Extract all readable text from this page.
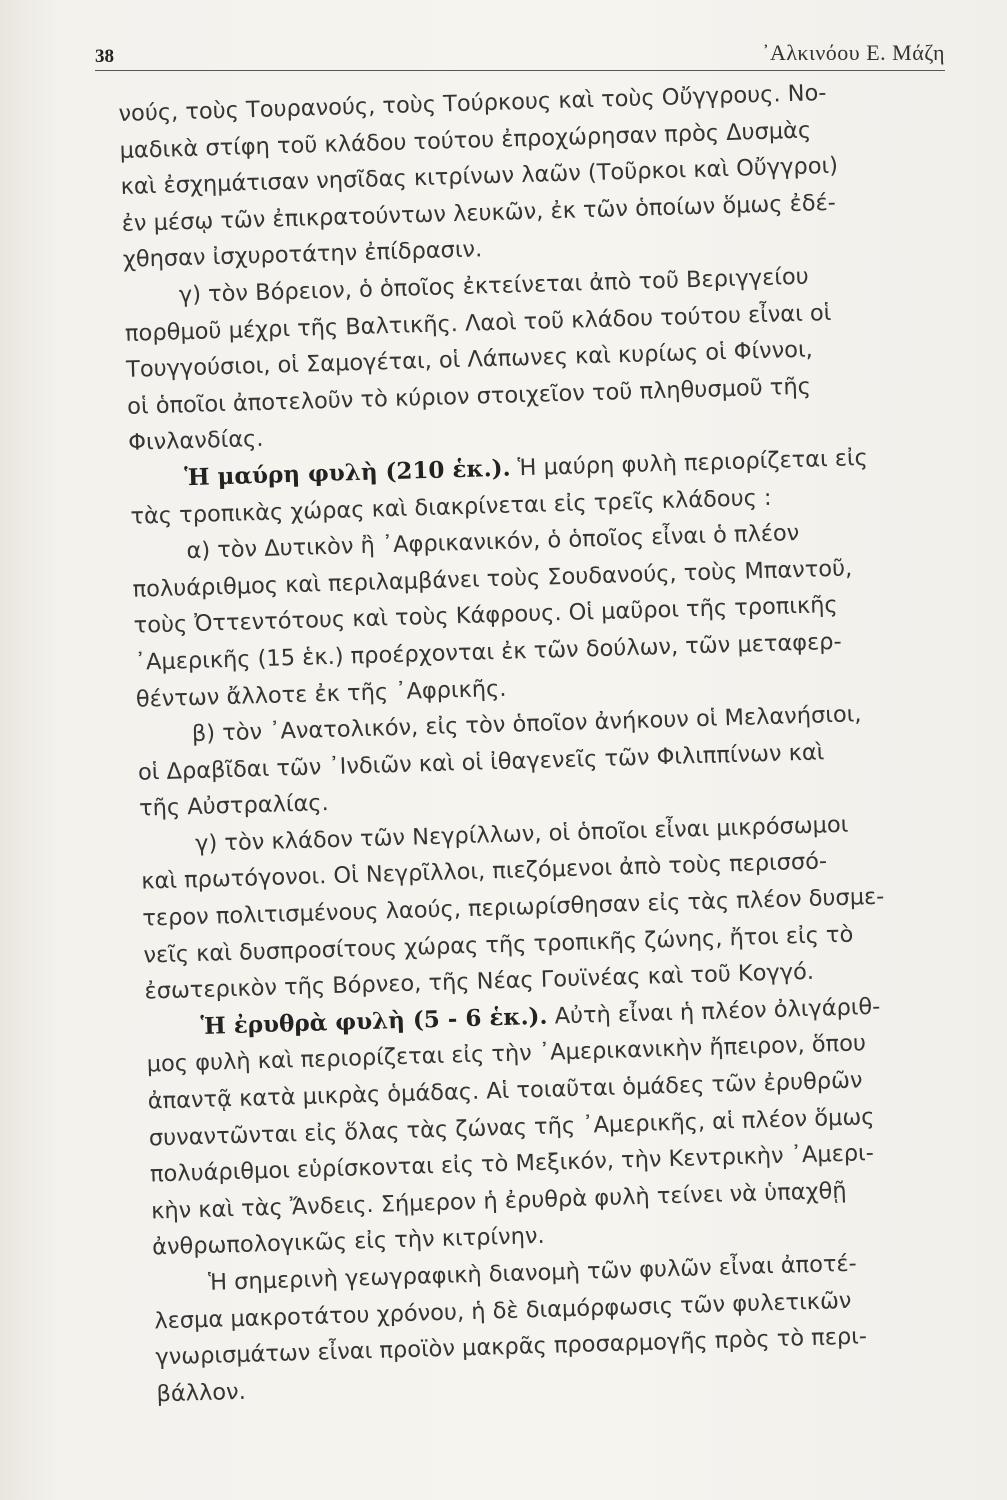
38	᾿Αλκινόου Ε. Μάζη
νούς, τοὺς Τουρανούς, τοὺς Τούρκους καὶ τοὺς Οὔγγρους. Νο-
μαδικὰ στίφη τοῦ κλάδου τούτου ἐπροχώρησαν πρὸς Δυσμὰς
καὶ ἐσχημάτισαν νησῖδας κιτρίνων λαῶν (Τοῦρκοι καὶ Οὔγγροι)
ἐν μέσῳ τῶν ἐπικρατούντων λευκῶν, ἐκ τῶν ὁποίων ὅμως ἐδέ-
χθησαν ἰσχυροτάτην ἐπίδρασιν.
γ) τὸν Βόρειον, ὁ ὁποῖος ἐκτείνεται ἀπὸ τοῦ Βεριγγείου
πορθμοῦ μέχρι τῆς Βαλτικῆς. Λαοὶ τοῦ κλάδου τούτου εἶναι οἱ
Τουγγούσιοι, οἱ Σαμογέται, οἱ Λάπωνες καὶ κυρίως οἱ Φίννοι,
οἱ ὁποῖοι ἀποτελοῦν τὸ κύριον στοιχεῖον τοῦ πληθυσμοῦ τῆς
Φινλανδίας.
Ἡ μαύρη φυλὴ (210 ἑκ.). Ἡ μαύρη φυλὴ περιορίζεται εἰς
τὰς τροπικὰς χώρας καὶ διακρίνεται εἰς τρεῖς κλάδους :
α) τὸν Δυτικὸν ἢ ᾿Αφρικανικόν, ὁ ὁποῖος εἶναι ὁ πλέον
πολυάριθμος καὶ περιλαμβάνει τοὺς Σουδανούς, τοὺς Μπαντοῦ,
τοὺς Ὀττεντότους καὶ τοὺς Κάφρους. Οἱ μαῦροι τῆς τροπικῆς
᾿Αμερικῆς (15 ἑκ.) προέρχονται ἐκ τῶν δούλων, τῶν μεταφερ-
θέντων ἄλλοτε ἐκ τῆς ᾿Αφρικῆς.
β) τὸν ᾿Ανατολικόν, εἰς τὸν ὁποῖον ἀνήκουν οἱ Μελανήσιοι,
οἱ Δραβῖδαι τῶν ᾿Ινδιῶν καὶ οἱ ἰθαγενεῖς τῶν Φιλιππίνων καὶ
τῆς Αὐστραλίας.
γ) τὸν κλάδον τῶν Νεγρίλλων, οἱ ὁποῖοι εἶναι μικρόσωμοι
καὶ πρωτόγονοι. Οἱ Νεγρῖλλοι, πιεζόμενοι ἀπὸ τοὺς περισσό-
τερον πολιτισμένους λαούς, περιωρίσθησαν εἰς τὰς πλέον δυσμε-
νεῖς καὶ δυσπροσίτους χώρας τῆς τροπικῆς ζώνης, ἤτοι εἰς τὸ
ἐσωτερικὸν τῆς Βόρνεο, τῆς Νέας Γουϊνέας καὶ τοῦ Κογγό.
Ἡ ἐρυθρὰ φυλὴ (5 - 6 ἑκ.). Αὐτὴ εἶναι ἡ πλέον ὀλιγάριθ-
μος φυλὴ καὶ περιορίζεται εἰς τὴν ᾿Αμερικανικὴν ἤπειρον, ὅπου
ἀπαντᾷ κατὰ μικρὰς ὁμάδας. Αἱ τοιαῦται ὁμάδες τῶν ἐρυθρῶν
συναντῶνται εἰς ὅλας τὰς ζώνας τῆς ᾿Αμερικῆς, αἱ πλέον ὅμως
πολυάριθμοι εὑρίσκονται εἰς τὸ Μεξικόν, τὴν Κεντρικὴν ᾿Αμερι-
κὴν καὶ τὰς Ἄνδεις. Σήμερον ἡ ἐρυθρὰ φυλὴ τείνει νὰ ὑπαχθῇ
ἀνθρωπολογικῶς εἰς τὴν κιτρίνην.
Ἡ σημερινὴ γεωγραφικὴ διανομὴ τῶν φυλῶν εἶναι ἀποτέ-
λεσμα μακροτάτου χρόνου, ἡ δὲ διαμόρφωσις τῶν φυλετικῶν
γνωρισμάτων εἶναι προϊὸν μακρᾶς προσαρμογῆς πρὸς τὸ περι-
βάλλον.
